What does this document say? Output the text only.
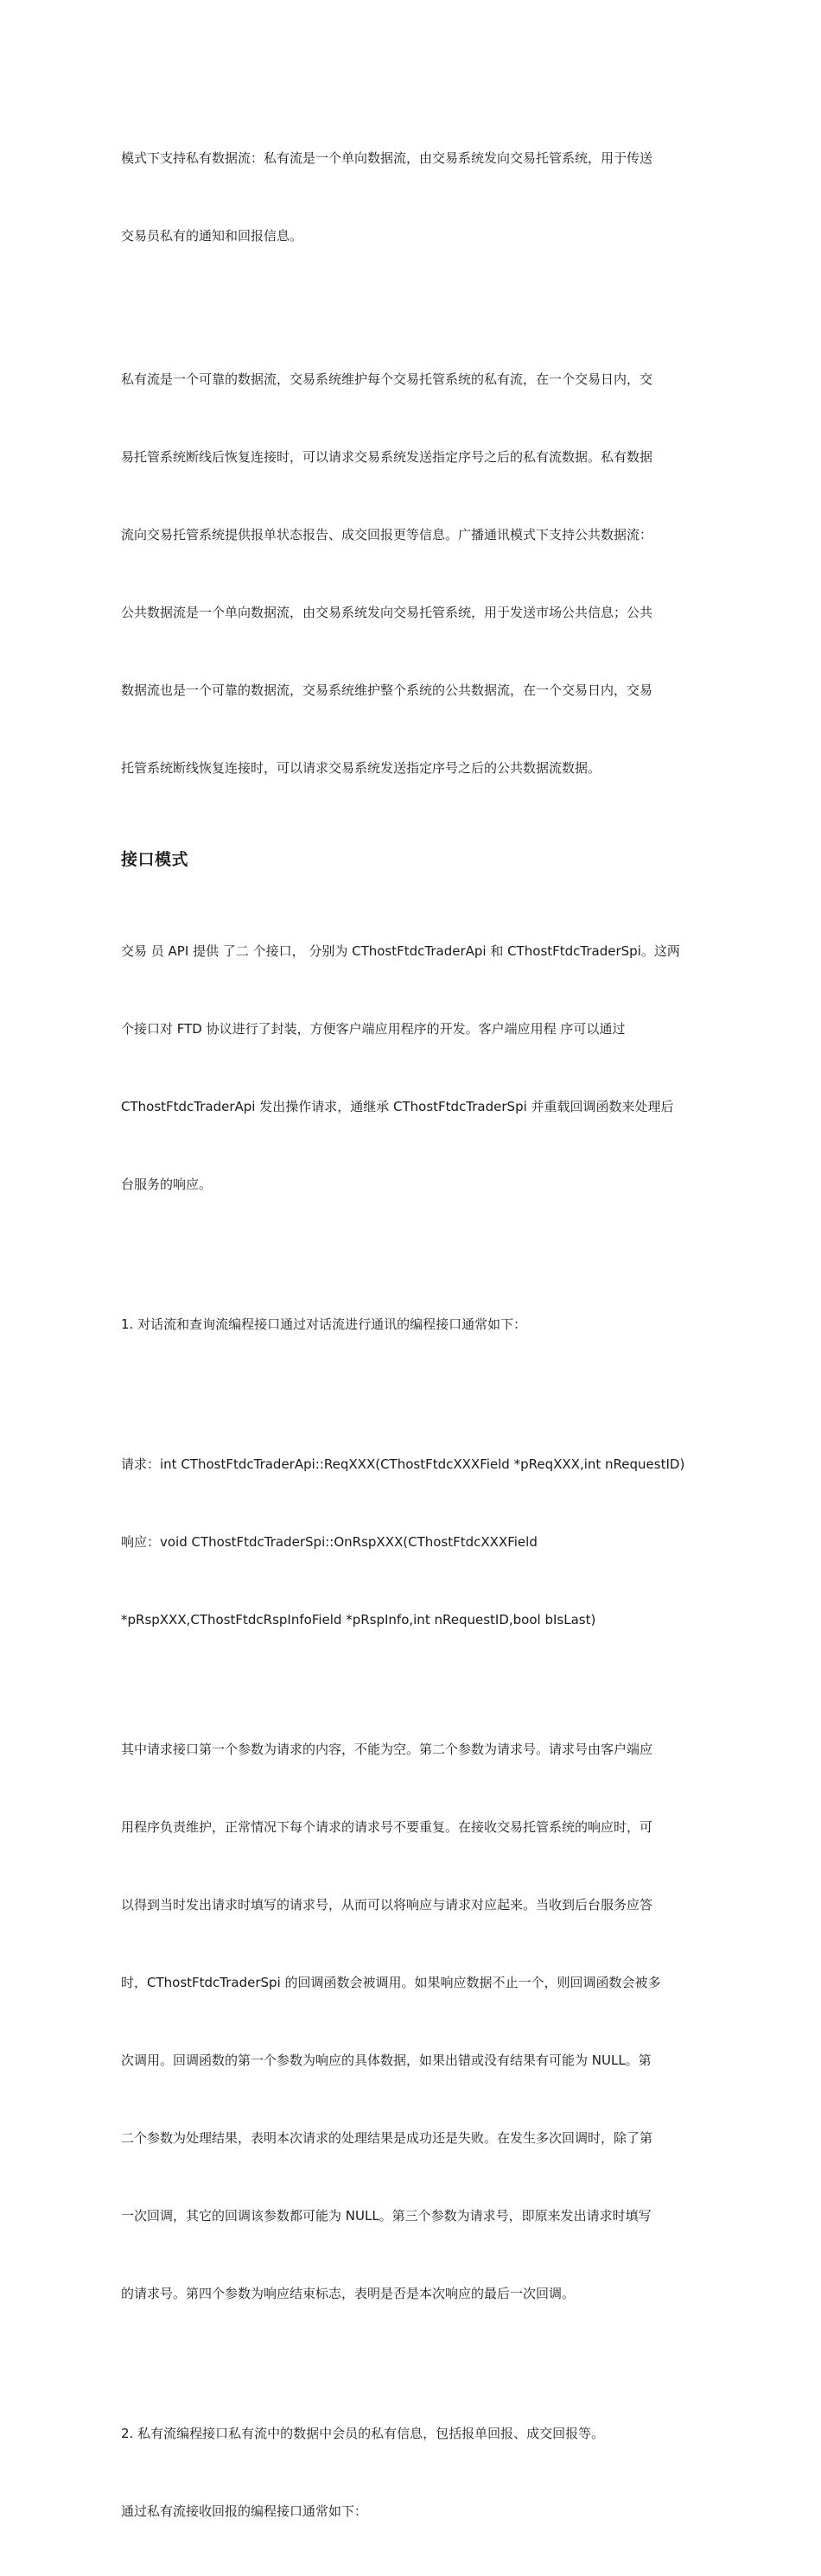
模式下支持私有数据流：私有流是一个单向数据流，由交易系统发向交易托管系统，用于传送

交易员私有的通知和回报信息。

私有流是一个可靠的数据流，交易系统维护每个交易托管系统的私有流，在一个交易日内，交

易托管系统断线后恢复连接时，可以请求交易系统发送指定序号之后的私有流数据。私有数据

流向交易托管系统提供报单状态报告、成交回报更等信息。广播通讯模式下支持公共数据流：

公共数据流是一个单向数据流，由交易系统发向交易托管系统，用于发送市场公共信息；公共

数据流也是一个可靠的数据流，交易系统维护整个系统的公共数据流，在一个交易日内，交易

托管系统断线恢复连接时，可以请求交易系统发送指定序号之后的公共数据流数据。

接口模式

交易 员 API 提供 了二 个接口， 分别为 CThostFtdcTraderApi 和 CThostFtdcTraderSpi。这两

个接口对 FTD 协议进行了封装，方便客户端应用程序的开发。客户端应用程 序可以通过

CThostFtdcTraderApi 发出操作请求，通继承 CThostFtdcTraderSpi 并重载回调函数来处理后

台服务的响应。

1. 对话流和查询流编程接口通过对话流进行通讯的编程接口通常如下：

请求：int CThostFtdcTraderApi::ReqXXX(CThostFtdcXXXField *pReqXXX,int nRequestID)

响应：void CThostFtdcTraderSpi::OnRspXXX(CThostFtdcXXXField

*pRspXXX,CThostFtdcRspInfoField *pRspInfo,int nRequestID,bool bIsLast)

其中请求接口第一个参数为请求的内容，不能为空。第二个参数为请求号。请求号由客户端应

用程序负责维护，正常情况下每个请求的请求号不要重复。在接收交易托管系统的响应时，可

以得到当时发出请求时填写的请求号，从而可以将响应与请求对应起来。当收到后台服务应答

时，CThostFtdcTraderSpi 的回调函数会被调用。如果响应数据不止一个，则回调函数会被多

次调用。回调函数的第一个参数为响应的具体数据，如果出错或没有结果有可能为 NULL。第

二个参数为处理结果，表明本次请求的处理结果是成功还是失败。在发生多次回调时，除了第

一次回调，其它的回调该参数都可能为 NULL。第三个参数为请求号，即原来发出请求时填写

的请求号。第四个参数为响应结束标志，表明是否是本次响应的最后一次回调。

2. 私有流编程接口私有流中的数据中会员的私有信息，包括报单回报、成交回报等。

通过私有流接收回报的编程接口通常如下：
